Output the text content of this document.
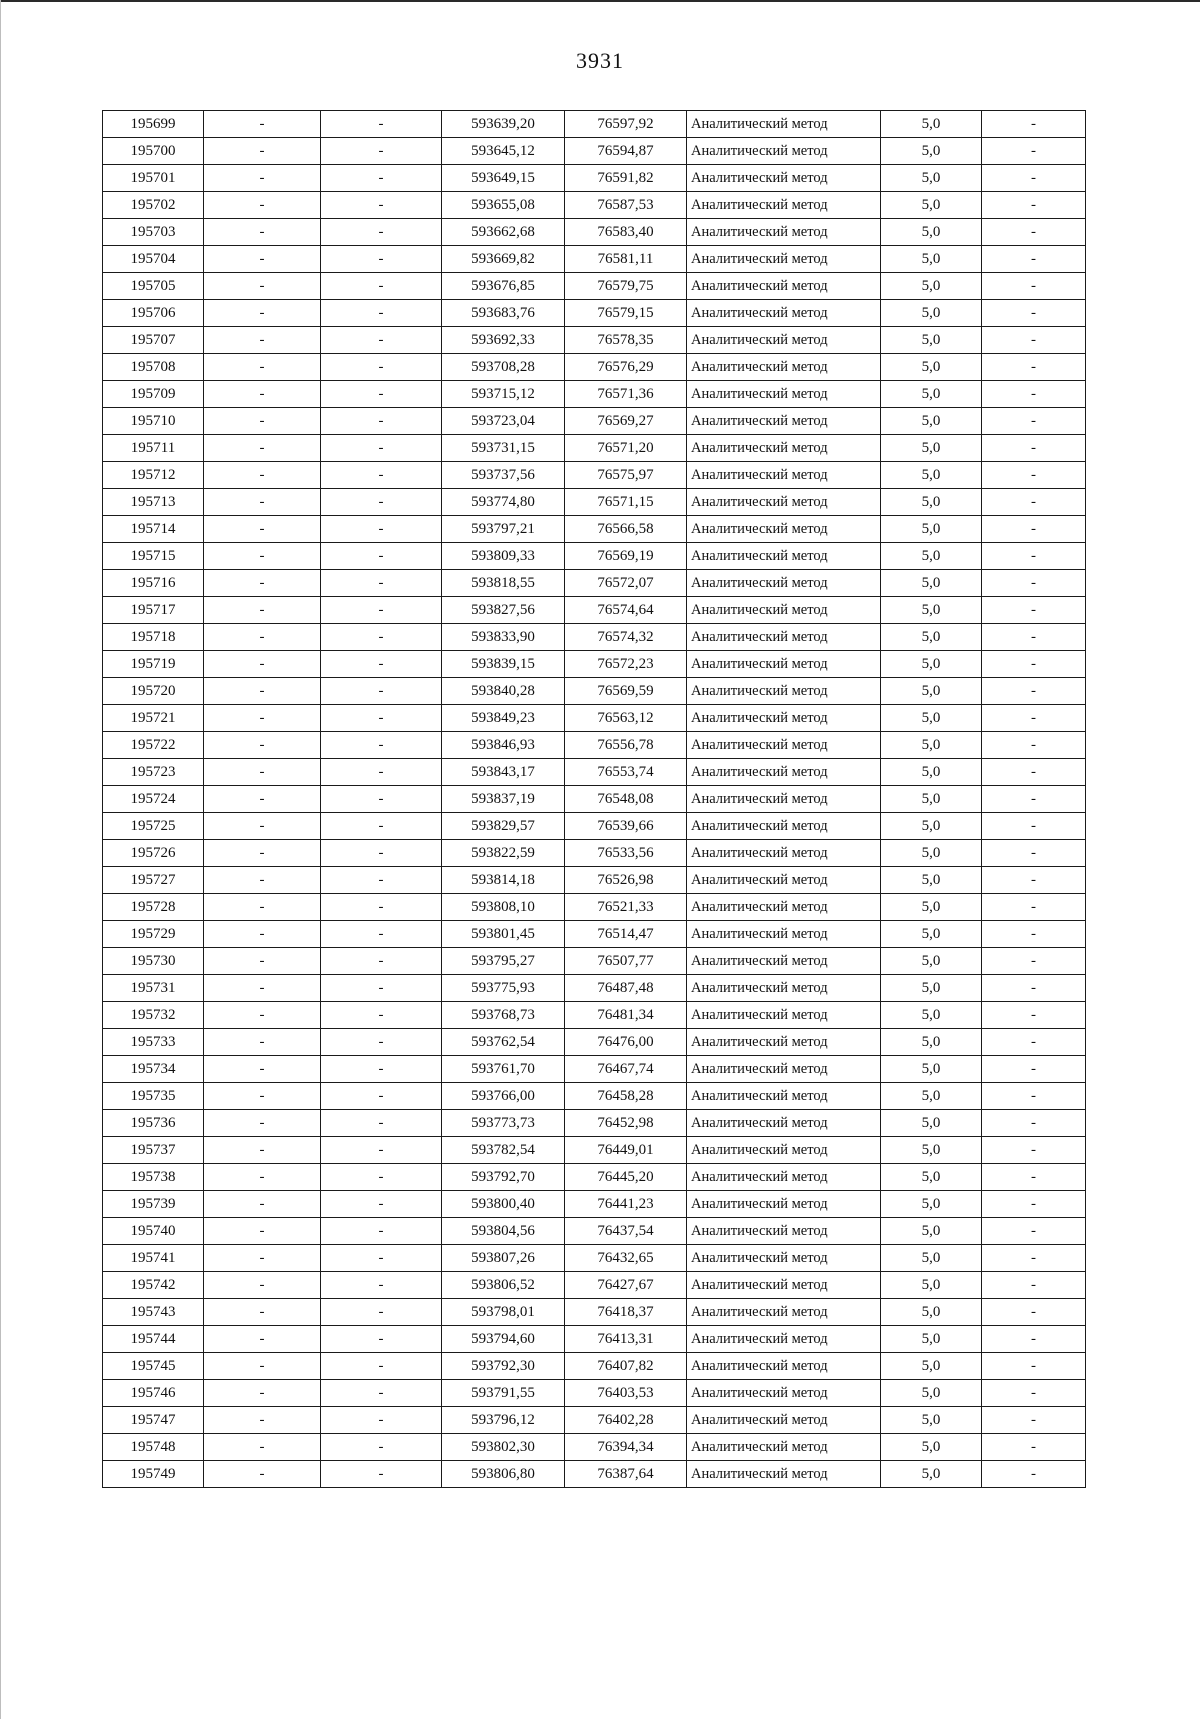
3931
195699	-	-	593639,20	76597,92	Аналитический метод	5,0	-
195700	-	-	593645,12	76594,87	Аналитический метод	5,0	-
195701	-	-	593649,15	76591,82	Аналитический метод	5,0	-
195702	-	-	593655,08	76587,53	Аналитический метод	5,0	-
195703	-	-	593662,68	76583,40	Аналитический метод	5,0	-
195704	-	-	593669,82	76581,11	Аналитический метод	5,0	-
195705	-	-	593676,85	76579,75	Аналитический метод	5,0	-
195706	-	-	593683,76	76579,15	Аналитический метод	5,0	-
195707	-	-	593692,33	76578,35	Аналитический метод	5,0	-
195708	-	-	593708,28	76576,29	Аналитический метод	5,0	-
195709	-	-	593715,12	76571,36	Аналитический метод	5,0	-
195710	-	-	593723,04	76569,27	Аналитический метод	5,0	-
195711	-	-	593731,15	76571,20	Аналитический метод	5,0	-
195712	-	-	593737,56	76575,97	Аналитический метод	5,0	-
195713	-	-	593774,80	76571,15	Аналитический метод	5,0	-
195714	-	-	593797,21	76566,58	Аналитический метод	5,0	-
195715	-	-	593809,33	76569,19	Аналитический метод	5,0	-
195716	-	-	593818,55	76572,07	Аналитический метод	5,0	-
195717	-	-	593827,56	76574,64	Аналитический метод	5,0	-
195718	-	-	593833,90	76574,32	Аналитический метод	5,0	-
195719	-	-	593839,15	76572,23	Аналитический метод	5,0	-
195720	-	-	593840,28	76569,59	Аналитический метод	5,0	-
195721	-	-	593849,23	76563,12	Аналитический метод	5,0	-
195722	-	-	593846,93	76556,78	Аналитический метод	5,0	-
195723	-	-	593843,17	76553,74	Аналитический метод	5,0	-
195724	-	-	593837,19	76548,08	Аналитический метод	5,0	-
195725	-	-	593829,57	76539,66	Аналитический метод	5,0	-
195726	-	-	593822,59	76533,56	Аналитический метод	5,0	-
195727	-	-	593814,18	76526,98	Аналитический метод	5,0	-
195728	-	-	593808,10	76521,33	Аналитический метод	5,0	-
195729	-	-	593801,45	76514,47	Аналитический метод	5,0	-
195730	-	-	593795,27	76507,77	Аналитический метод	5,0	-
195731	-	-	593775,93	76487,48	Аналитический метод	5,0	-
195732	-	-	593768,73	76481,34	Аналитический метод	5,0	-
195733	-	-	593762,54	76476,00	Аналитический метод	5,0	-
195734	-	-	593761,70	76467,74	Аналитический метод	5,0	-
195735	-	-	593766,00	76458,28	Аналитический метод	5,0	-
195736	-	-	593773,73	76452,98	Аналитический метод	5,0	-
195737	-	-	593782,54	76449,01	Аналитический метод	5,0	-
195738	-	-	593792,70	76445,20	Аналитический метод	5,0	-
195739	-	-	593800,40	76441,23	Аналитический метод	5,0	-
195740	-	-	593804,56	76437,54	Аналитический метод	5,0	-
195741	-	-	593807,26	76432,65	Аналитический метод	5,0	-
195742	-	-	593806,52	76427,67	Аналитический метод	5,0	-
195743	-	-	593798,01	76418,37	Аналитический метод	5,0	-
195744	-	-	593794,60	76413,31	Аналитический метод	5,0	-
195745	-	-	593792,30	76407,82	Аналитический метод	5,0	-
195746	-	-	593791,55	76403,53	Аналитический метод	5,0	-
195747	-	-	593796,12	76402,28	Аналитический метод	5,0	-
195748	-	-	593802,30	76394,34	Аналитический метод	5,0	-
195749	-	-	593806,80	76387,64	Аналитический метод	5,0	-
